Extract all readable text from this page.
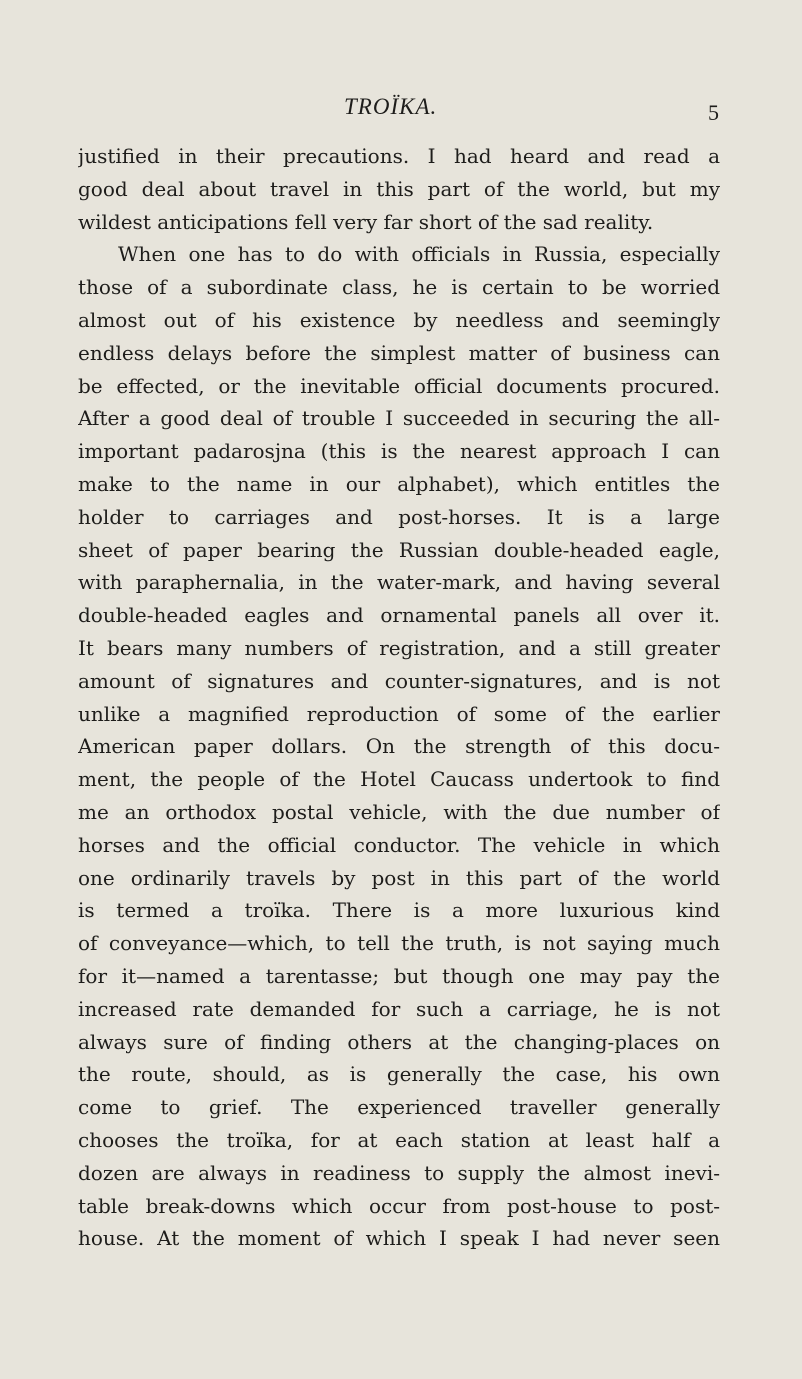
TROÏKA.	5
justified in their precautions. I had heard and read a
good deal about travel in this part of the world, but my
wildest anticipations fell very far short of the sad reality.
When one has to do with officials in Russia, especially
those of a subordinate class, he is certain to be worried
almost out of his existence by needless and seemingly
endless delays before the simplest matter of business can
be effected, or the inevitable official documents procured.
After a good deal of trouble I succeeded in securing the all-
important padarosjna (this is the nearest approach I can
make to the name in our alphabet), which entitles the
holder to carriages and post-horses. It is a large
sheet of paper bearing the Russian double-headed eagle,
with paraphernalia, in the water-mark, and having several
double-headed eagles and ornamental panels all over it.
It bears many numbers of registration, and a still greater
amount of signatures and counter-signatures, and is not
unlike a magnified reproduction of some of the earlier
American paper dollars. On the strength of this docu-
ment, the people of the Hotel Caucass undertook to find
me an orthodox postal vehicle, with the due number of
horses and the official conductor. The vehicle in which
one ordinarily travels by post in this part of the world
is termed a troïka. There is a more luxurious kind
of conveyance—which, to tell the truth, is not saying much
for it—named a tarentasse; but though one may pay the
increased rate demanded for such a carriage, he is not
always sure of finding others at the changing-places on
the route, should, as is generally the case, his own
come to grief. The experienced traveller generally
chooses the troïka, for at each station at least half a
dozen are always in readiness to supply the almost inevi-
table break-downs which occur from post-house to post-
house. At the moment of which I speak I had never seen
